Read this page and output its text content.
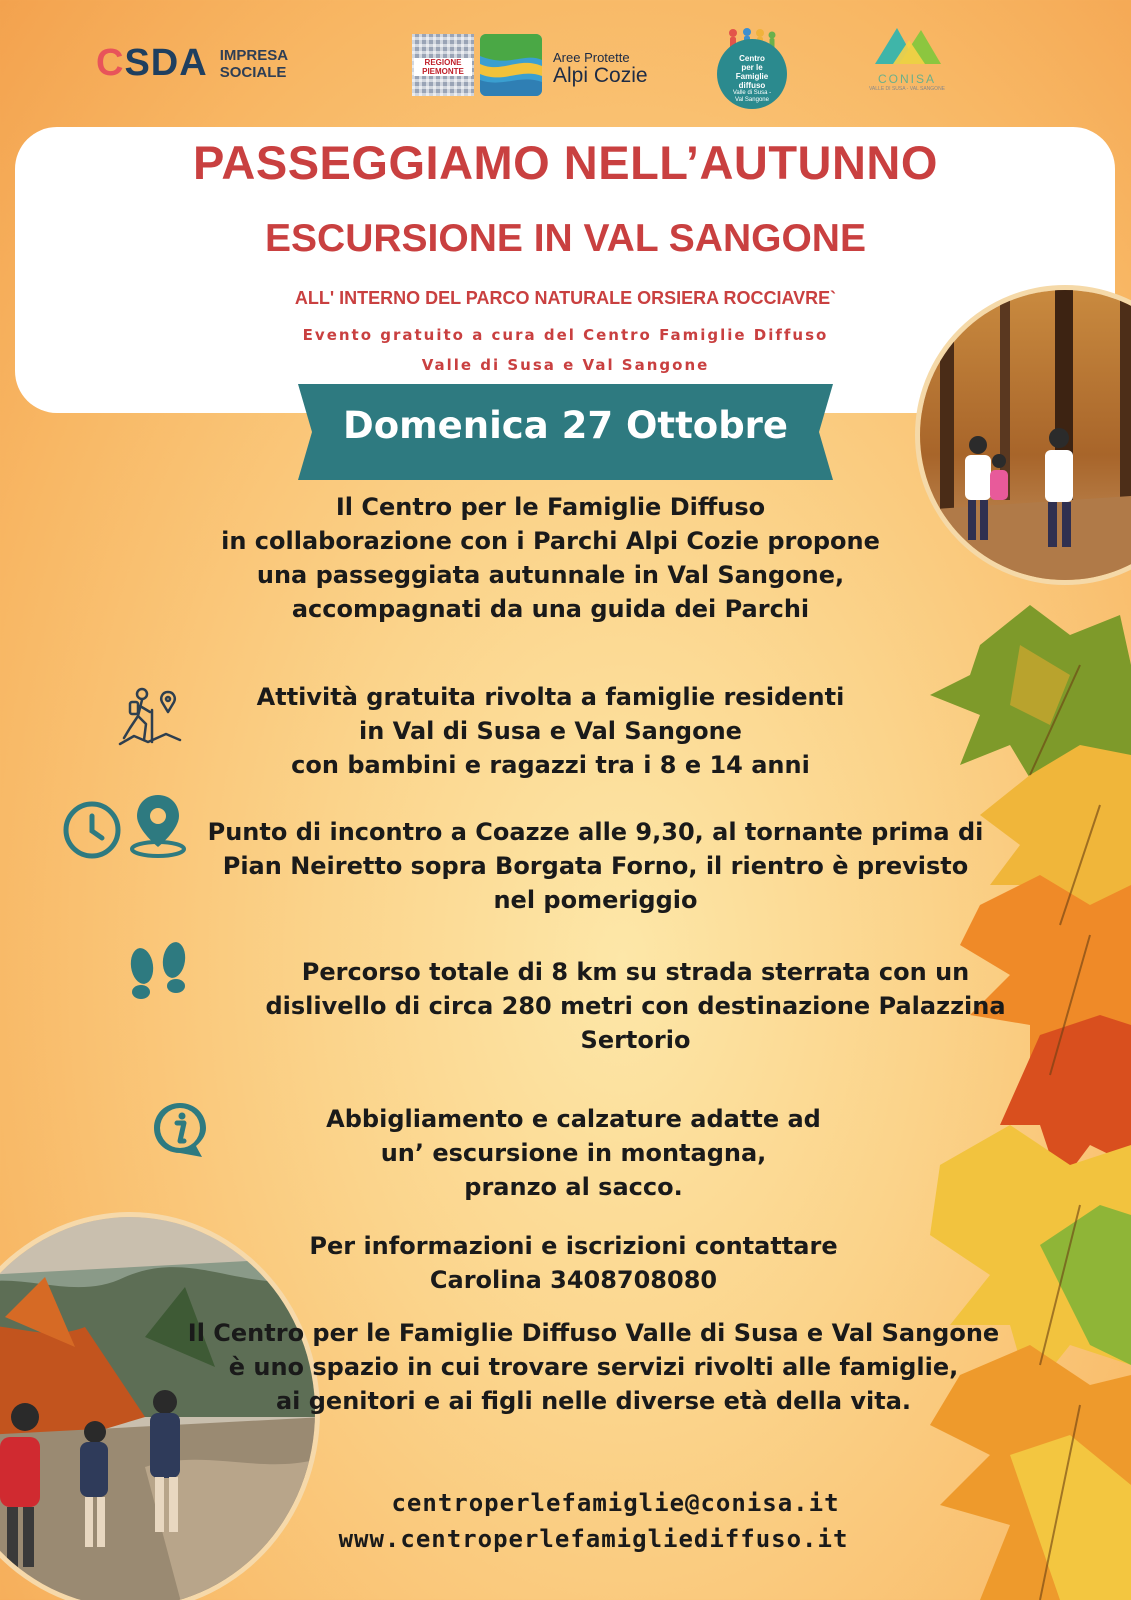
CSDA IMPRESA
SOCIALE
REGIONE
PIEMONTE
Aree Protette
Alpi Cozie
Centro
per le
Famiglie
diffuso
Valle di Susa -
Val Sangone
CONISA
VALLE DI SUSA - VAL SANGONE
PASSEGGIAMO NELL’AUTUNNO
ESCURSIONE IN VAL SANGONE
ALL' INTERNO DEL PARCO NATURALE ORSIERA ROCCIAVRE`
Evento gratuito a cura del Centro Famiglie Diffuso
Valle di Susa e Val Sangone
Domenica 27 Ottobre

Il Centro per le Famiglie Diffuso

in collaborazione con i Parchi Alpi Cozie propone

una passeggiata autunnale in Val Sangone,

accompagnati da una guida dei Parchi

Attività gratuita rivolta a famiglie residenti

in Val di Susa e Val Sangone

con bambini e ragazzi tra i 8 e 14 anni

Punto di incontro a Coazze alle 9,30, al tornante prima di

Pian Neiretto sopra Borgata Forno, il rientro è previsto

nel pomeriggio

Percorso totale di 8 km su strada sterrata con un

dislivello di circa 280 metri con destinazione Palazzina

Sertorio

Abbigliamento e calzature adatte ad

un’ escursione in montagna,

pranzo al sacco.

Per informazioni e iscrizioni contattare

Carolina 3408708080

Il Centro per le Famiglie Diffuso Valle di Susa e Val Sangone

è uno spazio in cui trovare servizi rivolti alle famiglie,

ai genitori e ai figli nelle diverse età della vita.

centroperlefamiglie@conisa.it
www.centroperlefamigliediffuso.it
